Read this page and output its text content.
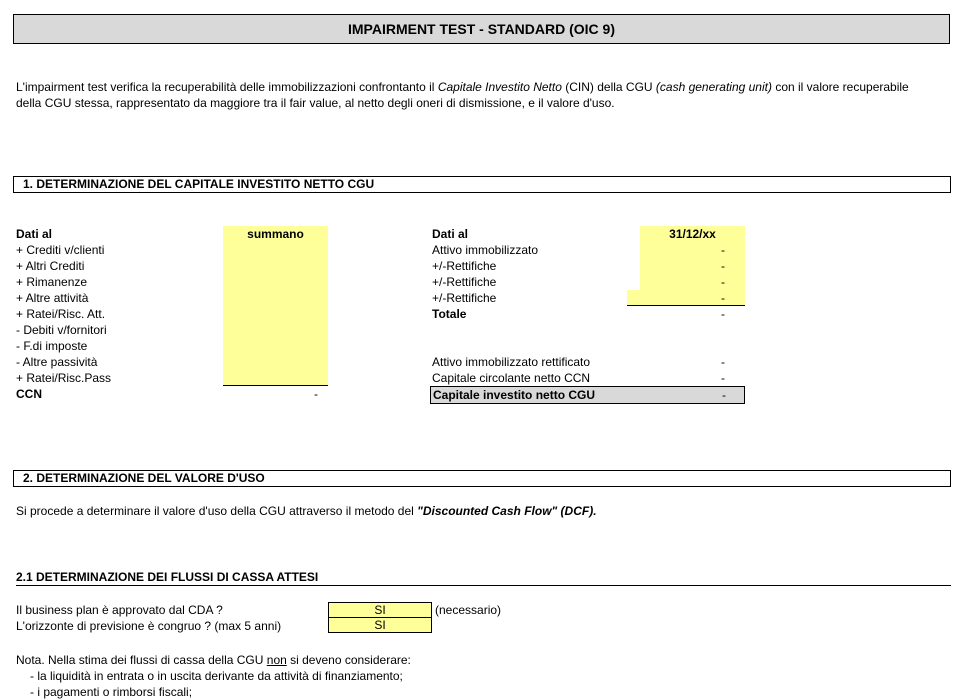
IMPAIRMENT TEST - STANDARD (OIC 9)
L'impairment test verifica la recuperabilità delle immobilizzazioni confrontanto il Capitale Investito Netto (CIN) della CGU (cash generating unit) con il valore recuperabile
della CGU stessa, rappresentato da maggiore tra il fair value, al netto degli oneri di dismissione, e il valore d'uso.
1. DETERMINAZIONE DEL CAPITALE INVESTITO NETTO CGU
Dati al	summano
+ Crediti v/clienti
+ Altri Crediti
+ Rimanenze
+ Altre attività
+ Ratei/Risc. Att.
- Debiti v/fornitori
- F.di imposte
- Altre passività
+ Ratei/Risc.Pass
CCN	-
Dati al	31/12/xx
Attivo immobilizzato	-
+/-Rettifiche	-
+/-Rettifiche	-
+/-Rettifiche	-
Totale	-
Attivo immobilizzato rettificato	-
Capitale circolante netto CCN	-
Capitale investito netto CGU	-
2. DETERMINAZIONE DEL VALORE D'USO
Si procede a determinare il valore d'uso della CGU attraverso il metodo del "Discounted Cash Flow" (DCF).
2.1 DETERMINAZIONE DEI FLUSSI DI CASSA ATTESI
Il business plan è approvato dal CDA ?	SI	(necessario)
L'orizzonte di previsione è congruo ? (max 5 anni)	SI
Nota. Nella stima dei flussi di cassa della CGU non si deveno considerare:
- la liquidità in entrata o in uscita derivante da attività di finanziamento;
- i pagamenti o rimborsi fiscali;
